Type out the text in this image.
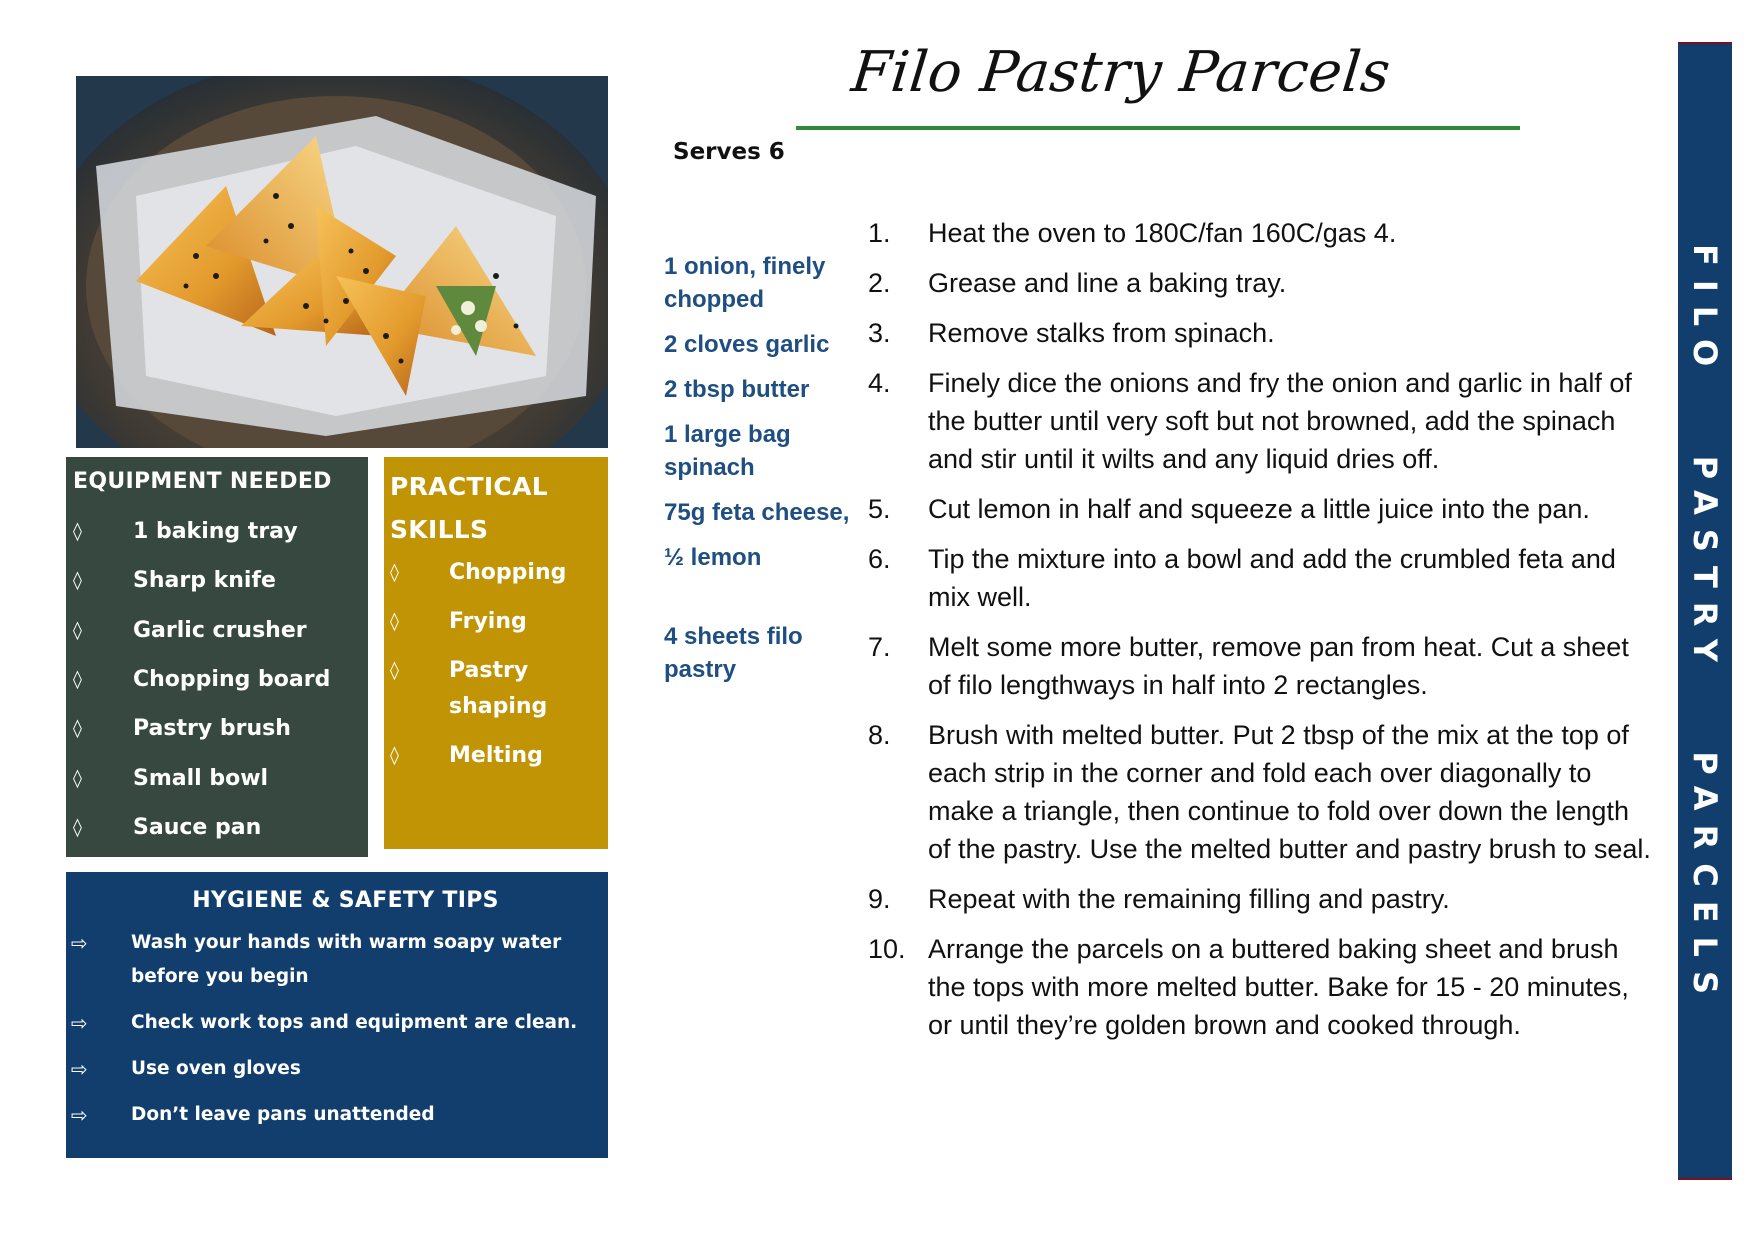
EQUIPMENT NEEDED
◊	1 baking tray
◊	Sharp knife
◊	Garlic crusher
◊	Chopping board
◊	Pastry brush
◊	Small bowl
◊	Sauce pan
PRACTICAL SKILLS
◊	Chopping
◊	Frying
◊	Pastry shaping
◊	Melting
HYGIENE & SAFETY TIPS
⇨	Wash your hands with warm soapy water before you begin
⇨	Check work tops and equipment are clean.
⇨	Use oven gloves
⇨	Don’t leave pans unattended
Filo Pastry Parcels
Serves 6
1 onion, finely chopped
2 cloves garlic
2 tbsp butter
1 large bag spinach
75g feta cheese,
½ lemon
4 sheets filo pastry
1.	Heat the oven to 180C/fan 160C/gas 4.
2.	Grease and line a baking tray.
3.	Remove stalks from spinach.
4.	Finely dice the onions and fry the onion and garlic in half of the butter until very soft but not browned, add the spinach and stir until it wilts and any liquid dries off.
5.	Cut lemon in half and squeeze a little juice into the pan.
6.	Tip the mixture into a bowl and add the crumbled feta and mix well.
7.	Melt some more butter, remove pan from heat. Cut a sheet of filo lengthways in half into 2 rectangles.
8.	Brush with melted butter. Put 2 tbsp of the mix at the top of each strip in the corner and fold each over diagonally to make a triangle, then continue to fold over down the length of the pastry. Use the melted butter and pastry brush to seal.
9.	Repeat with the remaining filling and pastry.
10. Arrange the parcels on a buttered baking sheet and brush the tops with more melted butter. Bake for 15 - 20 minutes, or until they’re golden brown and cooked through.
FILO   PASTRY   PARCELS
